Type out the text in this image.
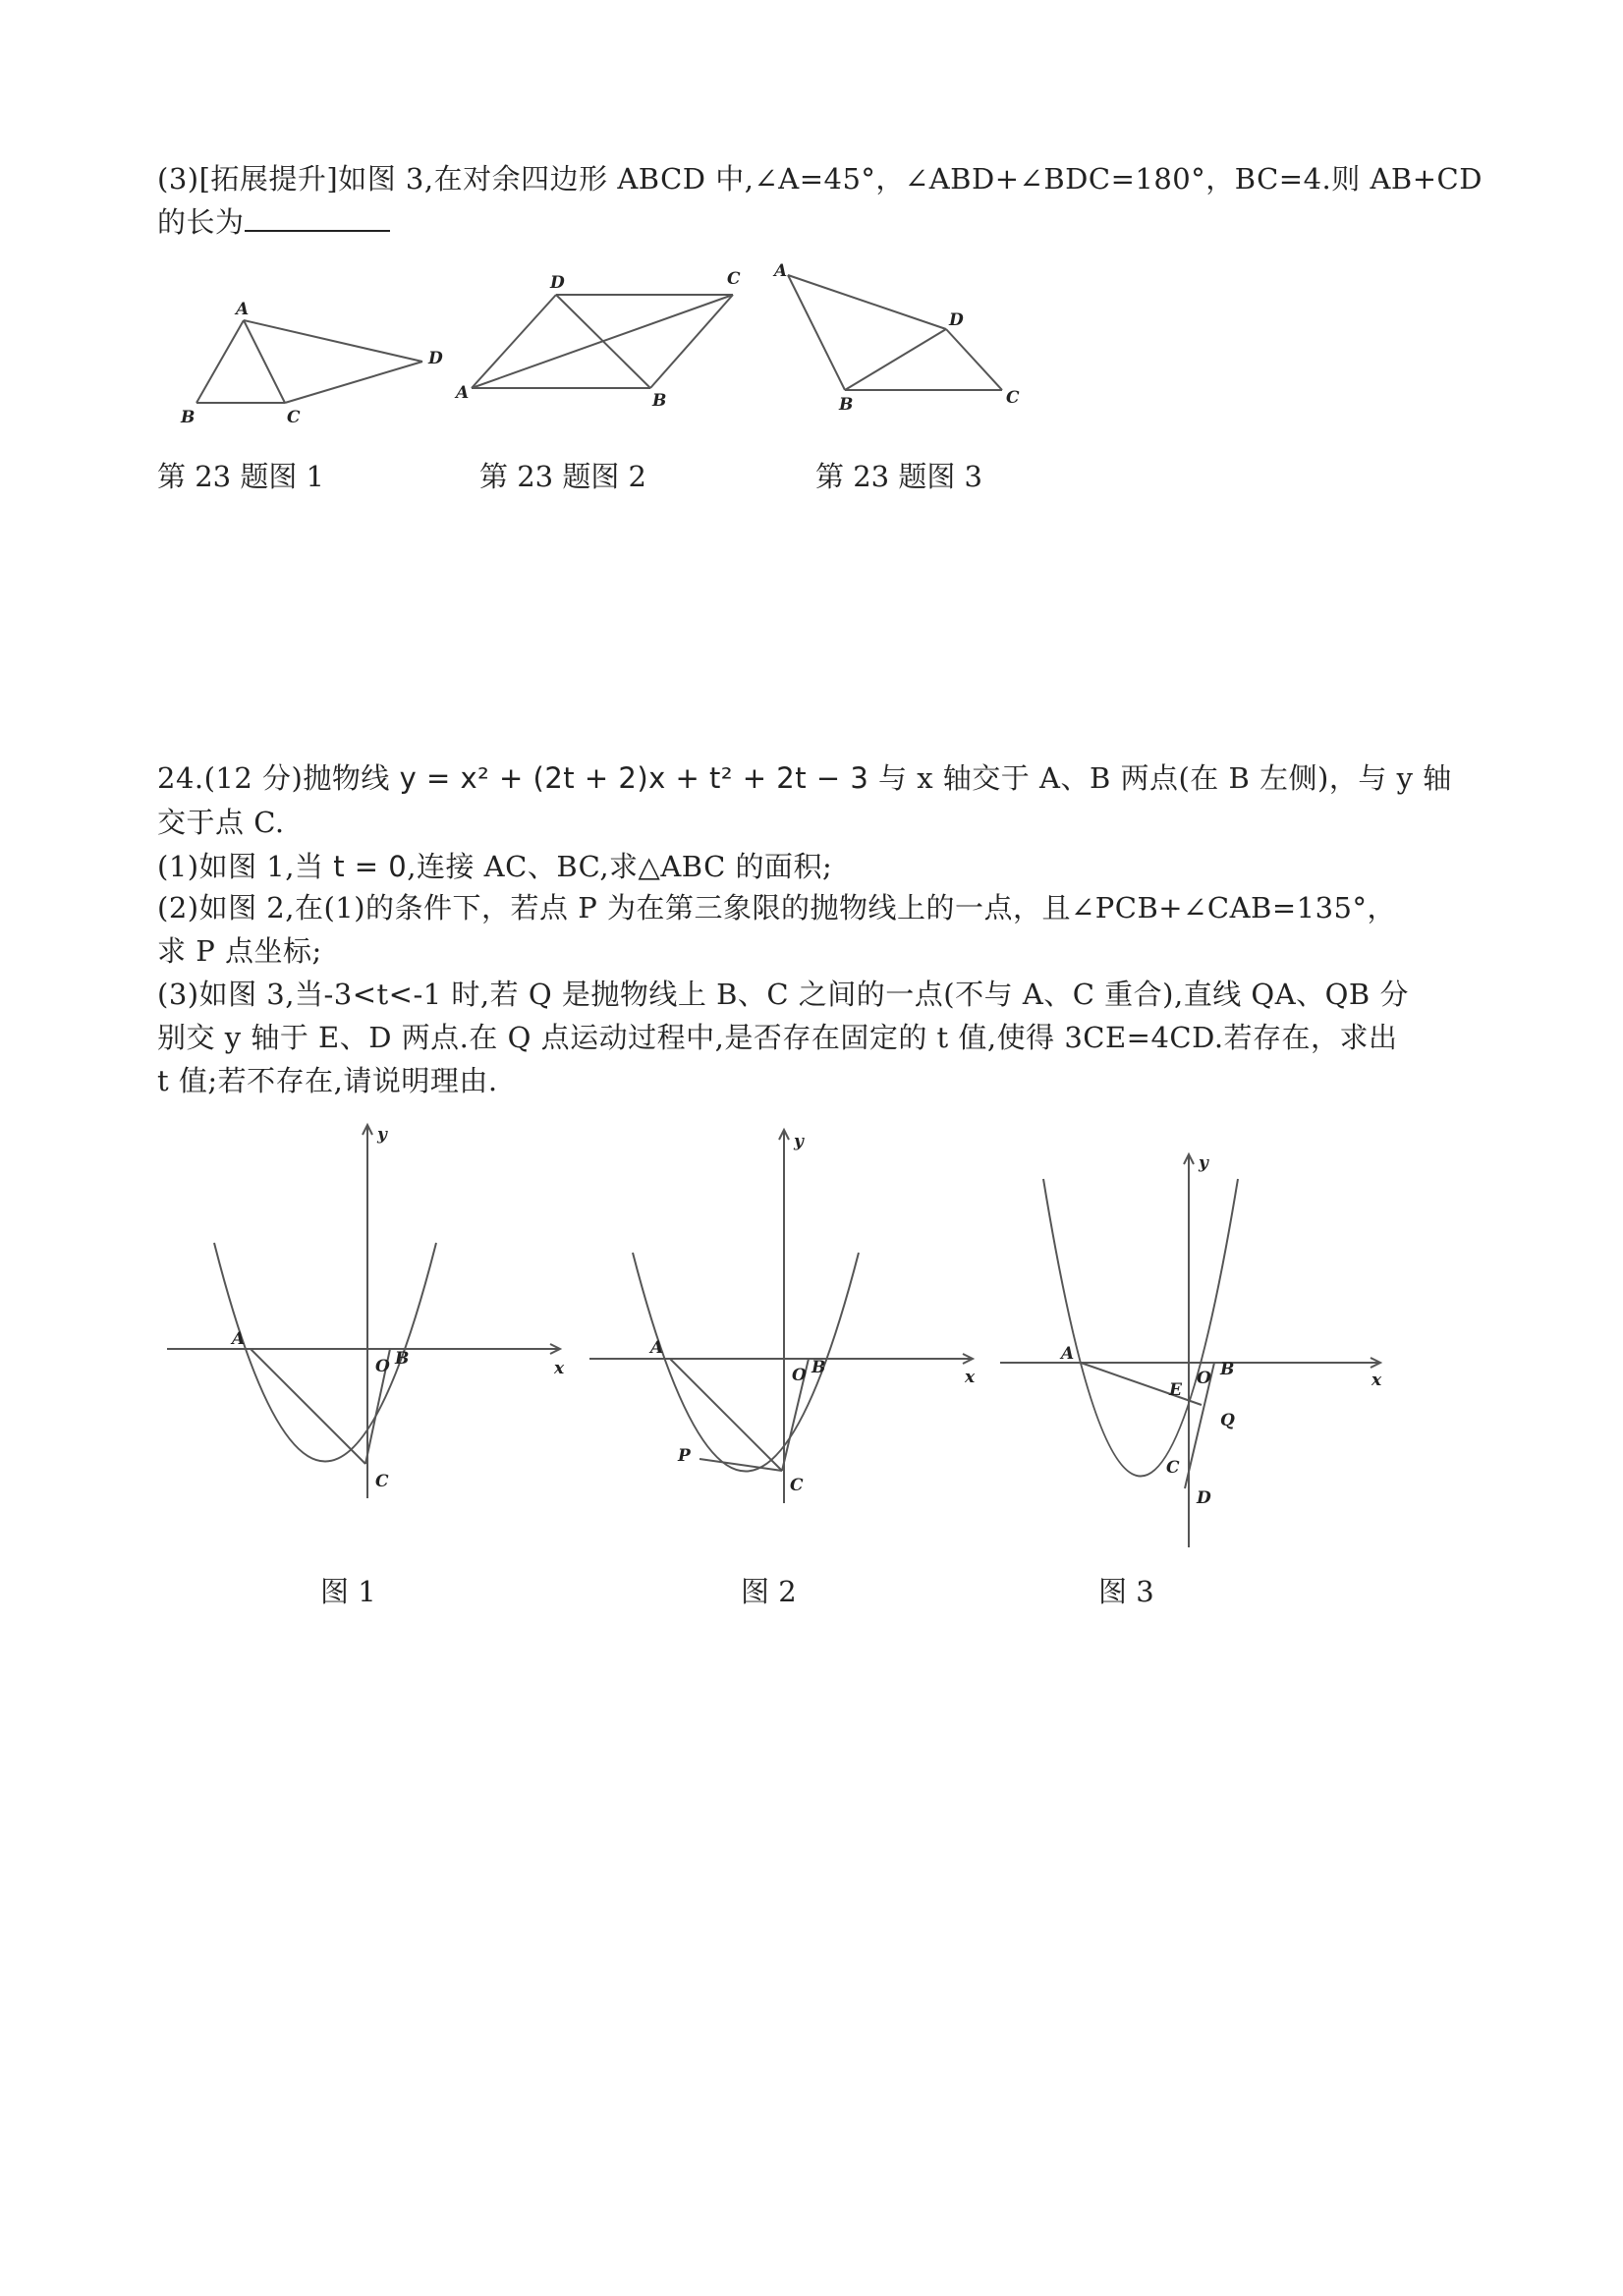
(3)[拓展提升]如图 3,在对余四边形 ABCD 中,∠A=45°，∠ABD+∠BDC=180°，BC=4.则 AB+CD
的长为
A
B	C
D
D	C
A	B
A
D
B	C
第 23 题图 1	第 23 题图 2	第 23 题图 3
24.(12 分)抛物线 y = x² + (2t + 2)x + t² + 2t − 3 与 x 轴交于 A、B 两点(在 B 左侧)，与 y 轴
交于点 C.
(1)如图 1,当 t = 0,连接 AC、BC,求△ABC 的面积;
(2)如图 2,在(1)的条件下，若点 P 为在第三象限的抛物线上的一点，且∠PCB+∠CAB=135°，
求 P 点坐标;
(3)如图 3,当-3<t<-1 时,若 Q 是抛物线上 B、C 之间的一点(不与 A、C 重合),直线 QA、QB 分
别交 y 轴于 E、D 两点.在 Q 点运动过程中,是否存在固定的 t 值,使得 3CE=4CD.若存在，求出
t 值;若不存在,请说明理由.
A
O B
C
x
y
A
O B
P
C
x
y
A
O B
E
Q
C
D
x
y
图 1	图 2	图 3
